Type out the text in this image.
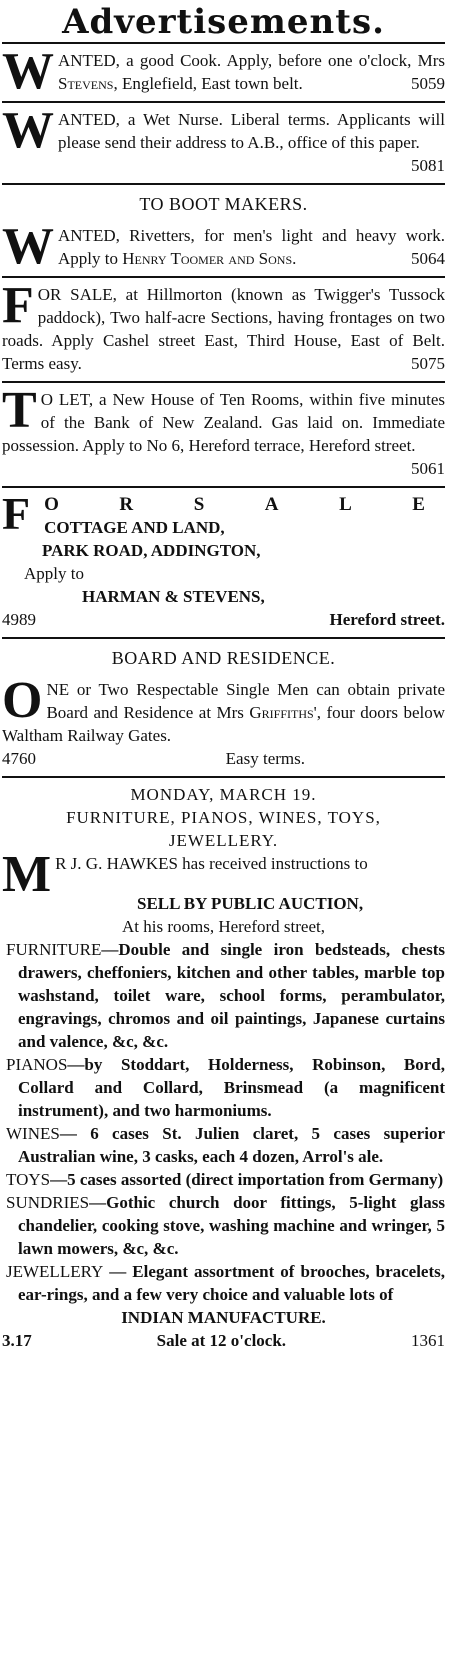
Advertisements.
W ANTED, a good Cook. Apply, before one o'clock, Mrs Stevens, Englefield, East town belt.	5059

W ANTED, a Wet Nurse. Liberal terms. Applicants will please send their address to A.B., office of this paper.

5081
TO BOOT MAKERS.
W ANTED, Rivetters, for men's light and heavy work. Apply to Henry Toomer and Sons.	5064

F OR SALE, at Hillmorton (known as Twigger's Tussock paddock), Two half-acre Sections, having frontages on two roads. Apply Cashel street East, Third House, East of Belt. Terms easy.	5075

T O LET, a New House of Ten Rooms, within five minutes of the Bank of New Zealand. Gas laid on. Immediate possession. Apply to No 6, Hereford terrace, Hereford street.
5061

F O	R	S	A	L	E
COTTAGE AND LAND,
PARK ROAD, ADDINGTON,
Apply to
HARMAN & STEVENS,
4989	Hereford street.
BOARD AND RESIDENCE.
O NE or Two Respectable Single Men can obtain private Board and Residence at Mrs Griffiths', four doors below Waltham Railway Gates.

4760	Easy terms.
MONDAY, MARCH 19.
FURNITURE, PIANOS, WINES, TOYS,
JEWELLERY.
M R J. G. HAWKES has received instructions to

SELL BY PUBLIC AUCTION,
At his rooms, Hereford street,

FURNITURE—Double and single iron bedsteads, chests drawers, cheffoniers, kitchen and other tables, marble top washstand, toilet ware, school forms, perambulator, engravings, chromos and oil paintings, Japanese curtains and valence, &c, &c.

PIANOS—by Stoddart, Holderness, Robinson, Bord, Collard and Collard, Brinsmead (a magnificent instrument), and two harmoniums.

WINES— 6 cases St. Julien claret, 5 cases superior Australian wine, 3 casks, each 4 dozen, Arrol's ale.

TOYS—5 cases assorted (direct importation from Germany)

SUNDRIES—Gothic church door fittings, 5-light glass chandelier, cooking stove, washing machine and wringer, 5 lawn mowers, &c, &c.

JEWELLERY — Elegant assortment of brooches, bracelets, ear-rings, and a few very choice and valuable lots of

INDIAN MANUFACTURE.
3.17	Sale at 12 o'clock.	1361
